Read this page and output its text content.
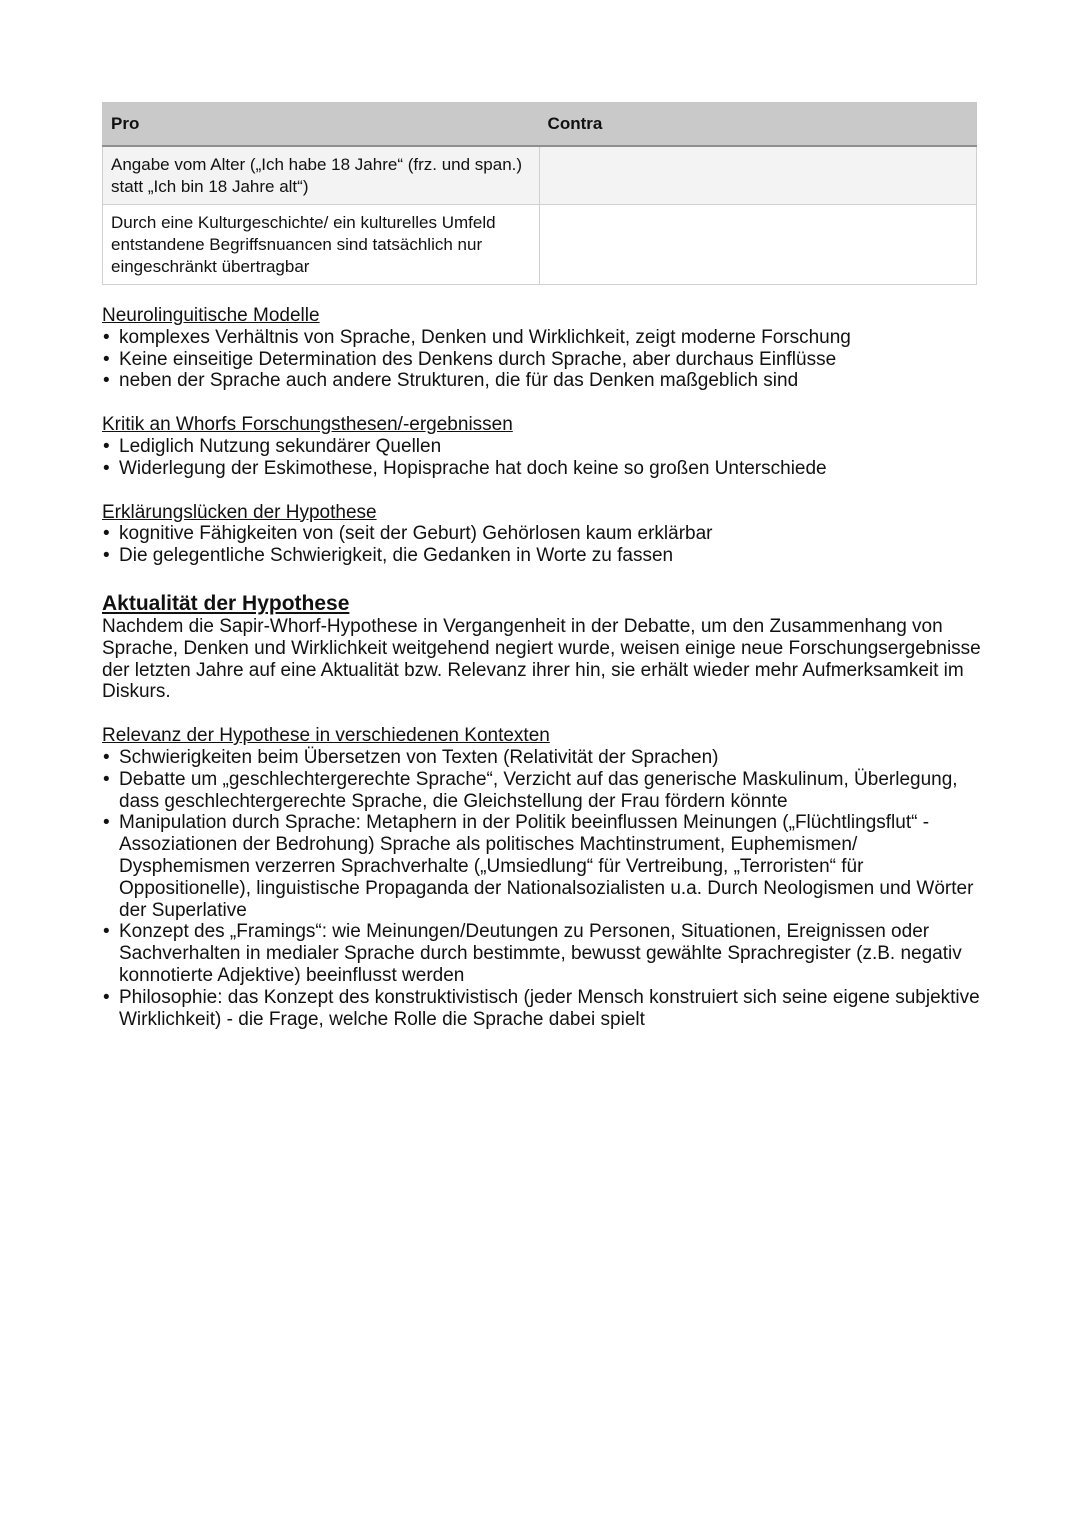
Pro	Contra
Angabe vom Alter („Ich habe 18 Jahre“ (frz. und span.) statt „Ich bin 18 Jahre alt“)	
Durch eine Kulturgeschichte/ ein kulturelles Umfeld entstandene Begriffsnuancen sind tatsächlich nur eingeschränkt übertragbar	

Neurolinguitische Modelle

• komplexes Verhältnis von Sprache, Denken und Wirklichkeit, zeigt moderne Forschung
• Keine einseitige Determination des Denkens durch Sprache, aber durchaus Einflüsse
• neben der Sprache auch andere Strukturen, die für das Denken maßgeblich sind

Kritik an Whorfs Forschungsthesen/-ergebnissen

• Lediglich Nutzung sekundärer Quellen
• Widerlegung der Eskimothese, Hopisprache hat doch keine so großen Unterschiede

Erklärungslücken der Hypothese

• kognitive Fähigkeiten von (seit der Geburt) Gehörlosen kaum erklärbar
• Die gelegentliche Schwierigkeit, die Gedanken in Worte zu fassen

Aktualität der Hypothese

Nachdem die Sapir-Whorf-Hypothese in Vergangenheit in der Debatte, um den Zusammenhang von Sprache, Denken und Wirklichkeit weitgehend negiert wurde, weisen einige neue Forschungsergebnisse der letzten Jahre auf eine Aktualität bzw. Relevanz ihrer hin, sie erhält wieder mehr Aufmerksamkeit im Diskurs.

Relevanz der Hypothese in verschiedenen Kontexten

• Schwierigkeiten beim Übersetzen von Texten (Relativität der Sprachen)
• Debatte um „geschlechtergerechte Sprache“, Verzicht auf das generische Maskulinum, Überlegung, dass geschlechtergerechte Sprache, die Gleichstellung der Frau fördern könnte
• Manipulation durch Sprache: Metaphern in der Politik beeinflussen Meinungen („Flüchtlingsflut“ - Assoziationen der Bedrohung) Sprache als politisches Machtinstrument, Euphemismen/ Dysphemismen verzerren Sprachverhalte („Umsiedlung“ für Vertreibung, „Terroristen“ für Oppositionelle), linguistische Propaganda der Nationalsozialisten u.a. Durch Neologismen und Wörter der Superlative
• Konzept des „Framings“: wie Meinungen/Deutungen zu Personen, Situationen, Ereignissen oder Sachverhalten in medialer Sprache durch bestimmte, bewusst gewählte Sprachregister (z.B. negativ konnotierte Adjektive) beeinflusst werden
• Philosophie: das Konzept des konstruktivistisch (jeder Mensch konstruiert sich seine eigene subjektive Wirklichkeit) - die Frage, welche Rolle die Sprache dabei spielt
